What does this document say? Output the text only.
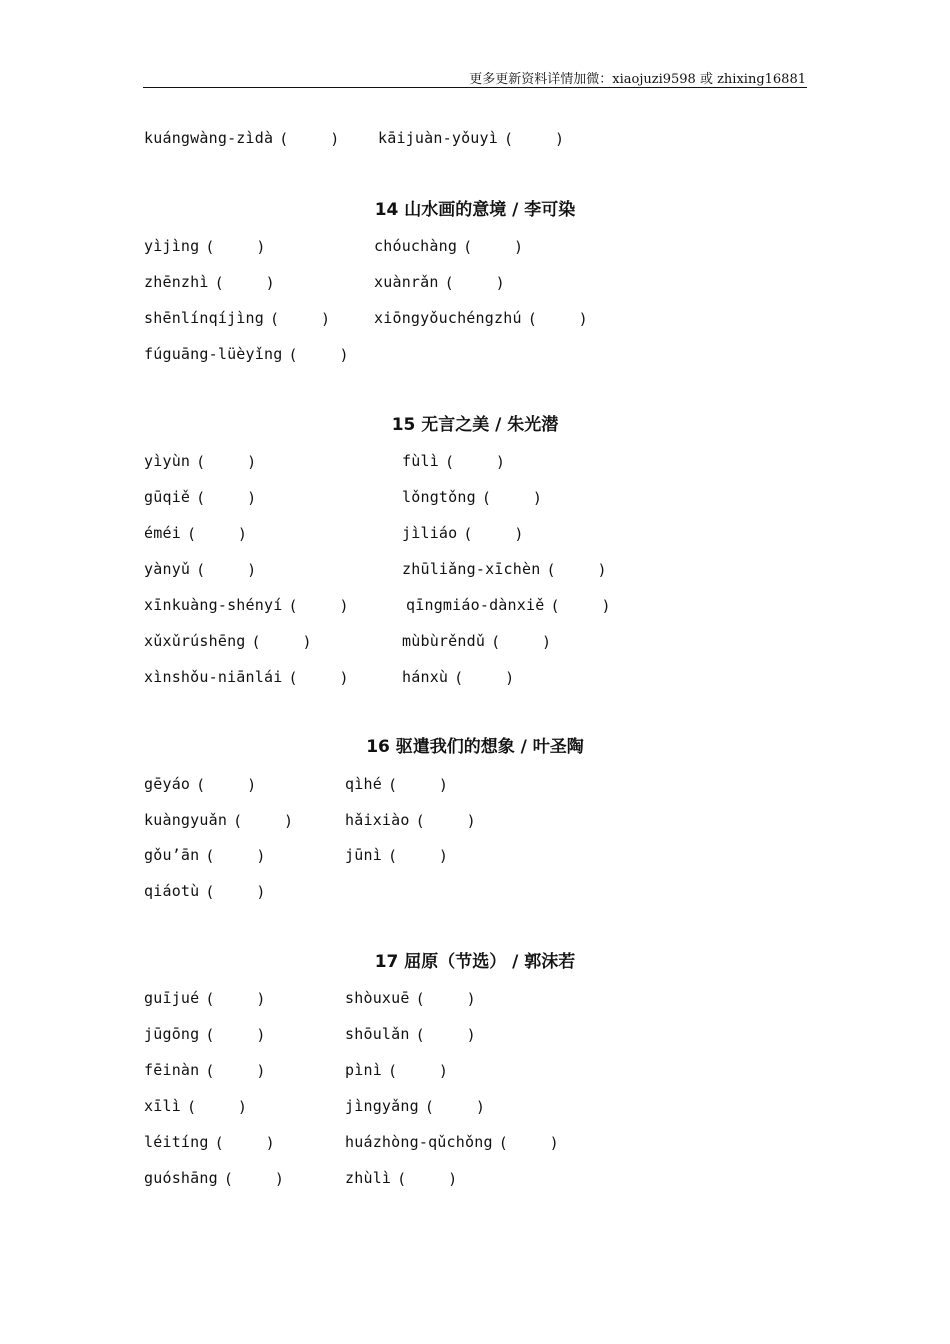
更多更新资料详情加微：xiaojuzi9598 或 zhixing16881
kuángwàng-zìdà ( )	kāijuàn-yǒuyì( )
14 山水画的意境 / 李可染
yìjìng ( )	chóuchàng( )
zhēnzhì ( )	xuànrǎn( )
shēnlínqíjìng ( )	xiōngyǒuchéngzhú( )
fúguāng-lüèyǐng( )
15 无言之美 / 朱光潜
yìyùn ( )	fùlì( )
gūqiě ( )	lǒngtǒng( )
éméi ( )	jìliáo( )
yànyǔ ( )	zhūliǎng-xīchèn( )
xīnkuàng-shényí ( )	qīngmiáo-dànxiě( )
xǔxǔrúshēng ( )	mùbùrěndǔ( )
xìnshǒu-niānlái ( )	hánxù( )
16 驱遣我们的想象 / 叶圣陶
gēyáo ( )	qìhé( )
kuàngyuǎn ( )	hǎixiào( )
gǒu’ān ( )	jūnì( )
qiáotù( )
17 屈原（节选） / 郭沫若
guījué ( )	shòuxuē( )
jūgōng ( )	shōulǎn( )
fēinàn ( )	pìnì( )
xīlì ( )	jìngyǎng( )
léitíng ( )	huázhòng-qǔchǒng( )
guóshāng ( )	zhùlì( )
